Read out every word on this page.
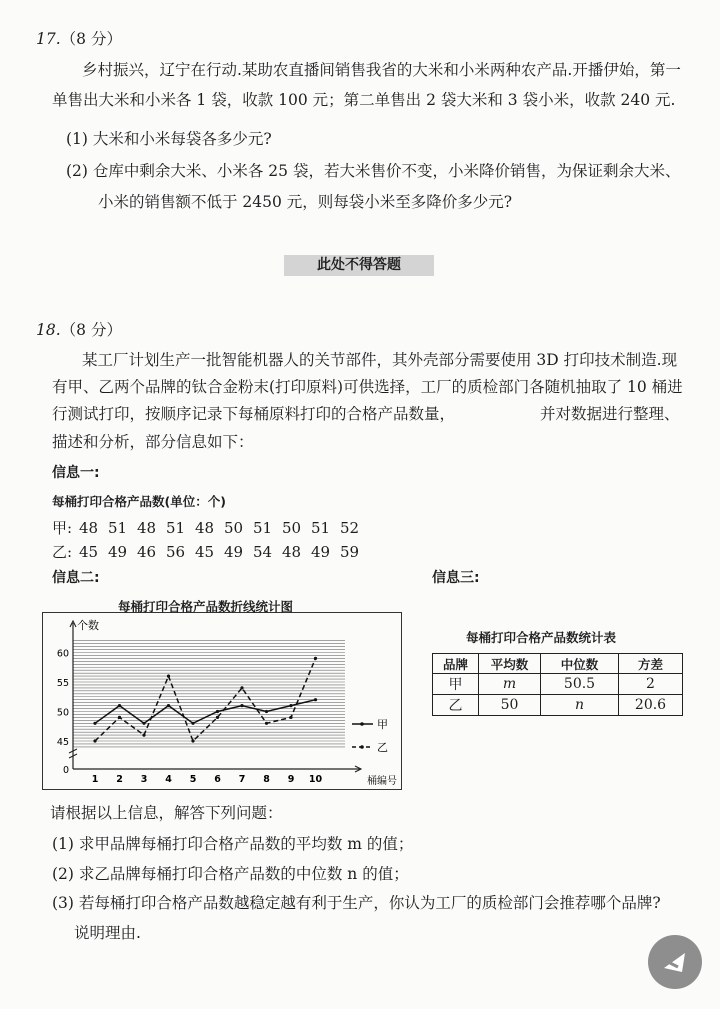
17.（8 分）
乡村振兴，辽宁在行动.某助农直播间销售我省的大米和小米两种农产品.开播伊始，第一
单售出大米和小米各 1 袋，收款 100 元；第二单售出 2 袋大米和 3 袋小米，收款 240 元.
(1) 大米和小米每袋各多少元?
(2) 仓库中剩余大米、小米各 25 袋，若大米售价不变，小米降价销售，为保证剩余大米、
小米的销售额不低于 2450 元，则每袋小米至多降价多少元?
此处不得答题
18.（8 分）
某工厂计划生产一批智能机器人的关节部件，其外壳部分需要使用 3D 打印技术制造.现
有甲、乙两个品牌的钛合金粉末(打印原料)可供选择，工厂的质检部门各随机抽取了 10 桶进
行测试打印，按顺序记录下每桶原料打印的合格产品数量，	并对数据进行整理、
描述和分析，部分信息如下：
信息一:
每桶打印合格产品数(单位：个)
甲: 48 51 48 51 48 50 51 50 51 52
乙: 45 49 46 56 45 49 54 48 49 59
信息二:	信息三:
个数
0
45
50
55
60
1 2 3 4 5 6 7 8 9 10	桶编号
甲
乙
每桶打印合格产品数统计表
品牌	平均数	中位数	方差
甲	m	50.5	2
乙	50	n	20.6
请根据以上信息，解答下列问题：
(1) 求甲品牌每桶打印合格产品数的平均数 m 的值；
(2) 求乙品牌每桶打印合格产品数的中位数 n 的值；
(3) 若每桶打印合格产品数越稳定越有利于生产，你认为工厂的质检部门会推荐哪个品牌?
说明理由.
每桶打印合格产品数折线统计图
